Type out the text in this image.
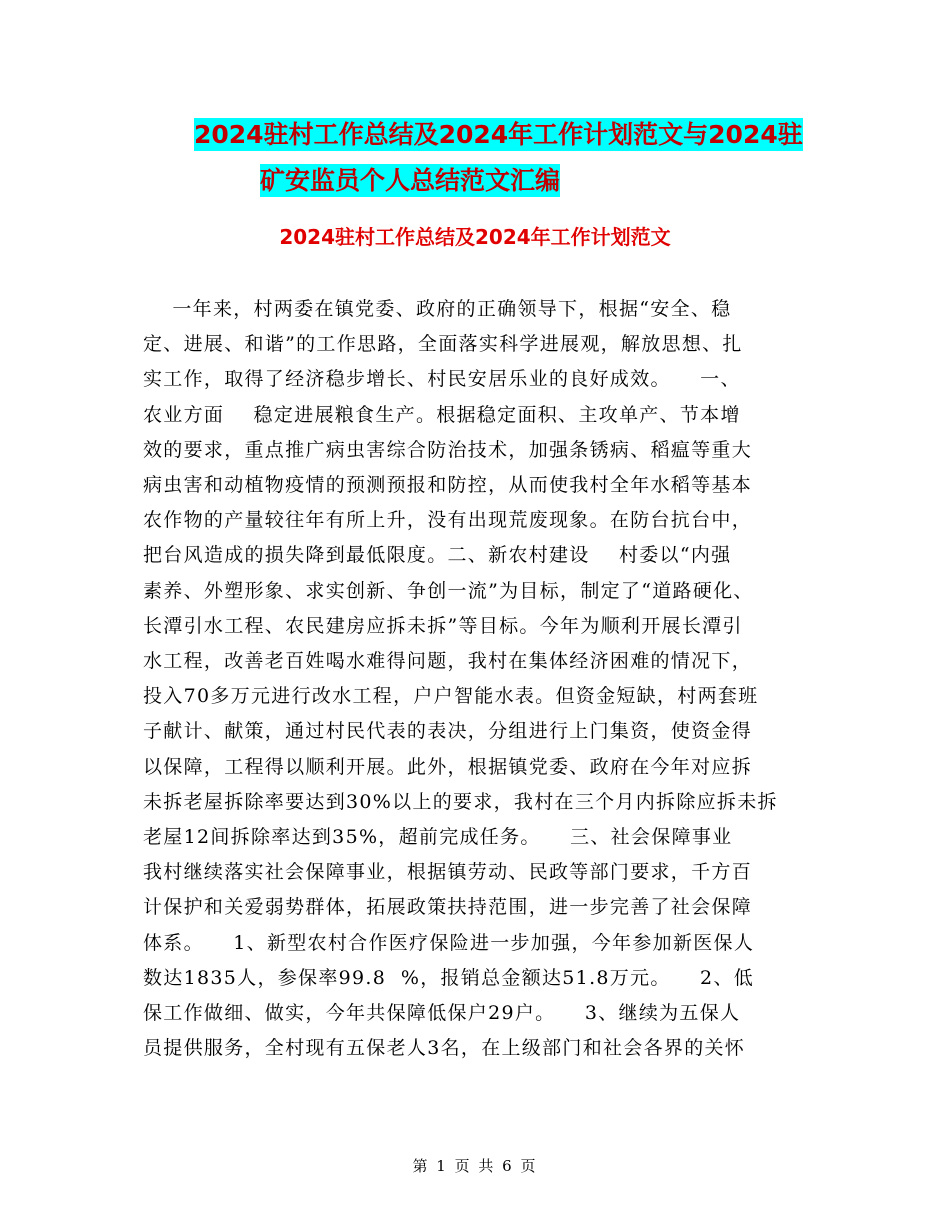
2024驻村工作总结及2024年工作计划范文与2024驻
矿安监员个人总结范文汇编
2024驻村工作总结及2024年工作计划范文
一年来，村两委在镇党委、政府的正确领导下，根据“安全、稳
定、进展、和谐”的工作思路，全面落实科学进展观，解放思想、扎
实工作，取得了经济稳步增长、村民安居乐业的良好成效。    一、
农业方面    稳定进展粮食生产。根据稳定面积、主攻单产、节本增
效的要求，重点推广病虫害综合防治技术，加强条锈病、稻瘟等重大
病虫害和动植物疫情的预测预报和防控，从而使我村全年水稻等基本
农作物的产量较往年有所上升，没有出现荒废现象。在防台抗台中，
把台风造成的损失降到最低限度。二、新农村建设    村委以“内强
素养、外塑形象、求实创新、争创一流”为目标，制定了“道路硬化、
长潭引水工程、农民建房应拆未拆”等目标。今年为顺利开展长潭引
水工程，改善老百姓喝水难得问题，我村在集体经济困难的情况下，
投入70多万元进行改水工程，户户智能水表。但资金短缺，村两套班
子献计、献策，通过村民代表的表决，分组进行上门集资，使资金得
以保障，工程得以顺利开展。此外，根据镇党委、政府在今年对应拆
未拆老屋拆除率要达到30%以上的要求，我村在三个月内拆除应拆未拆
老屋12间拆除率达到35%，超前完成任务。    三、社会保障事业
我村继续落实社会保障事业，根据镇劳动、民政等部门要求，千方百
计保护和关爱弱势群体，拓展政策扶持范围，进一步完善了社会保障
体系。    1、新型农村合作医疗保险进一步加强，今年参加新医保人
数达1835人，参保率99.8  %，报销总金额达51.8万元。    2、低
保工作做细、做实，今年共保障低保户29户。    3、继续为五保人
员提供服务，全村现有五保老人3名，在上级部门和社会各界的关怀
第 1 页 共 6 页
